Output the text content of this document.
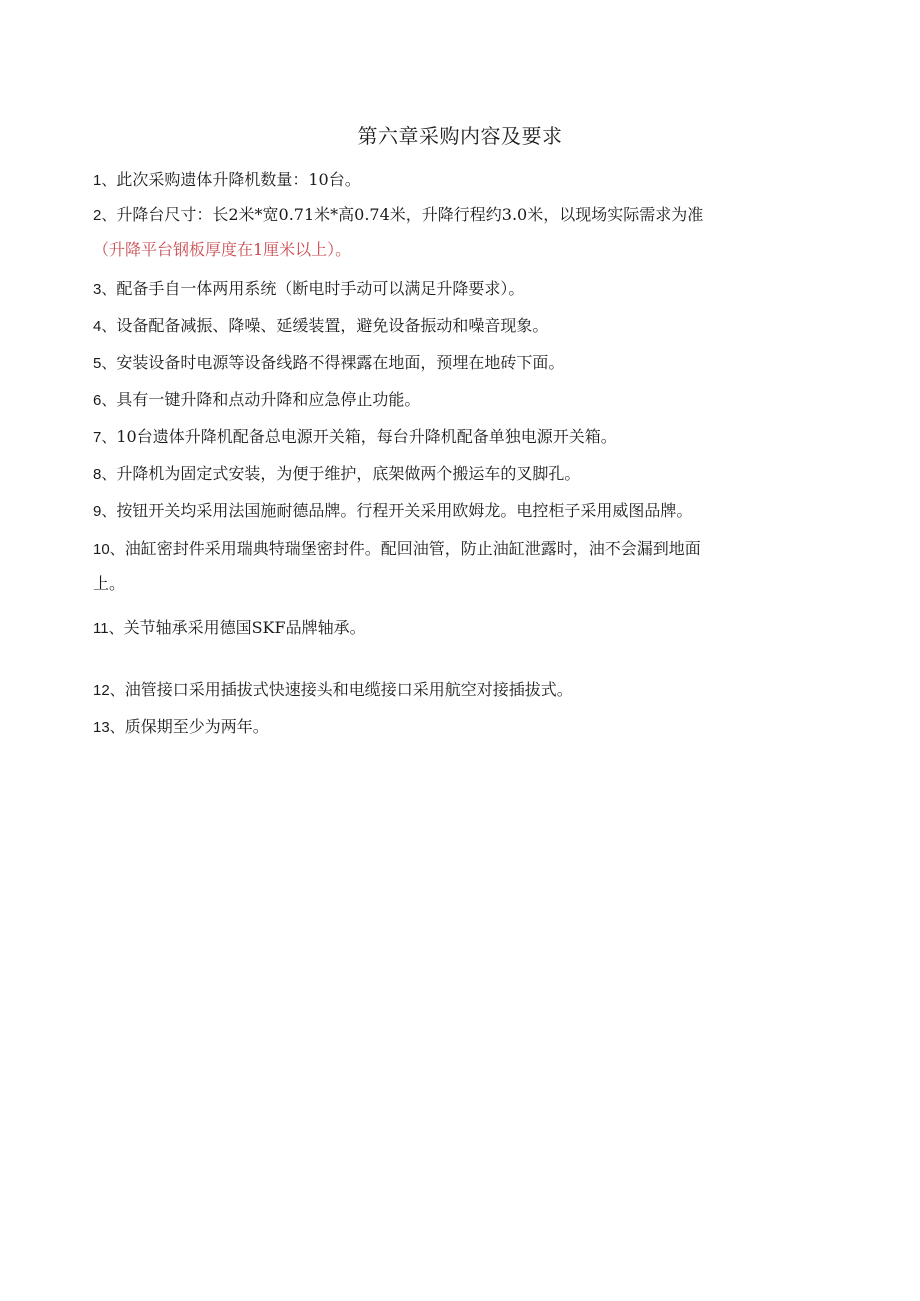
第六章采购内容及要求
1、此次采购遗体升降机数量：10台。
2、升降台尺寸：长2米*宽0.71米*高0.74米，升降行程约3.0米，以现场实际需求为准
（升降平台钢板厚度在1厘米以上）。
3、配备手自一体两用系统（断电时手动可以满足升降要求）。
4、设备配备减振、降噪、延缓装置，避免设备振动和噪音现象。
5、安装设备时电源等设备线路不得裸露在地面，预埋在地砖下面。
6、具有一键升降和点动升降和应急停止功能。
7、10台遗体升降机配备总电源开关箱，每台升降机配备单独电源开关箱。
8、升降机为固定式安装，为便于维护，底架做两个搬运车的叉脚孔。
9、按钮开关均采用法国施耐德品牌。行程开关采用欧姆龙。电控柜子采用威图品牌。
10、油缸密封件采用瑞典特瑞堡密封件。配回油管，防止油缸泄露时，油不会漏到地面
上。
11、关节轴承采用德国SKF品牌轴承。
12、油管接口采用插拔式快速接头和电缆接口采用航空对接插拔式。
13、质保期至少为两年。
